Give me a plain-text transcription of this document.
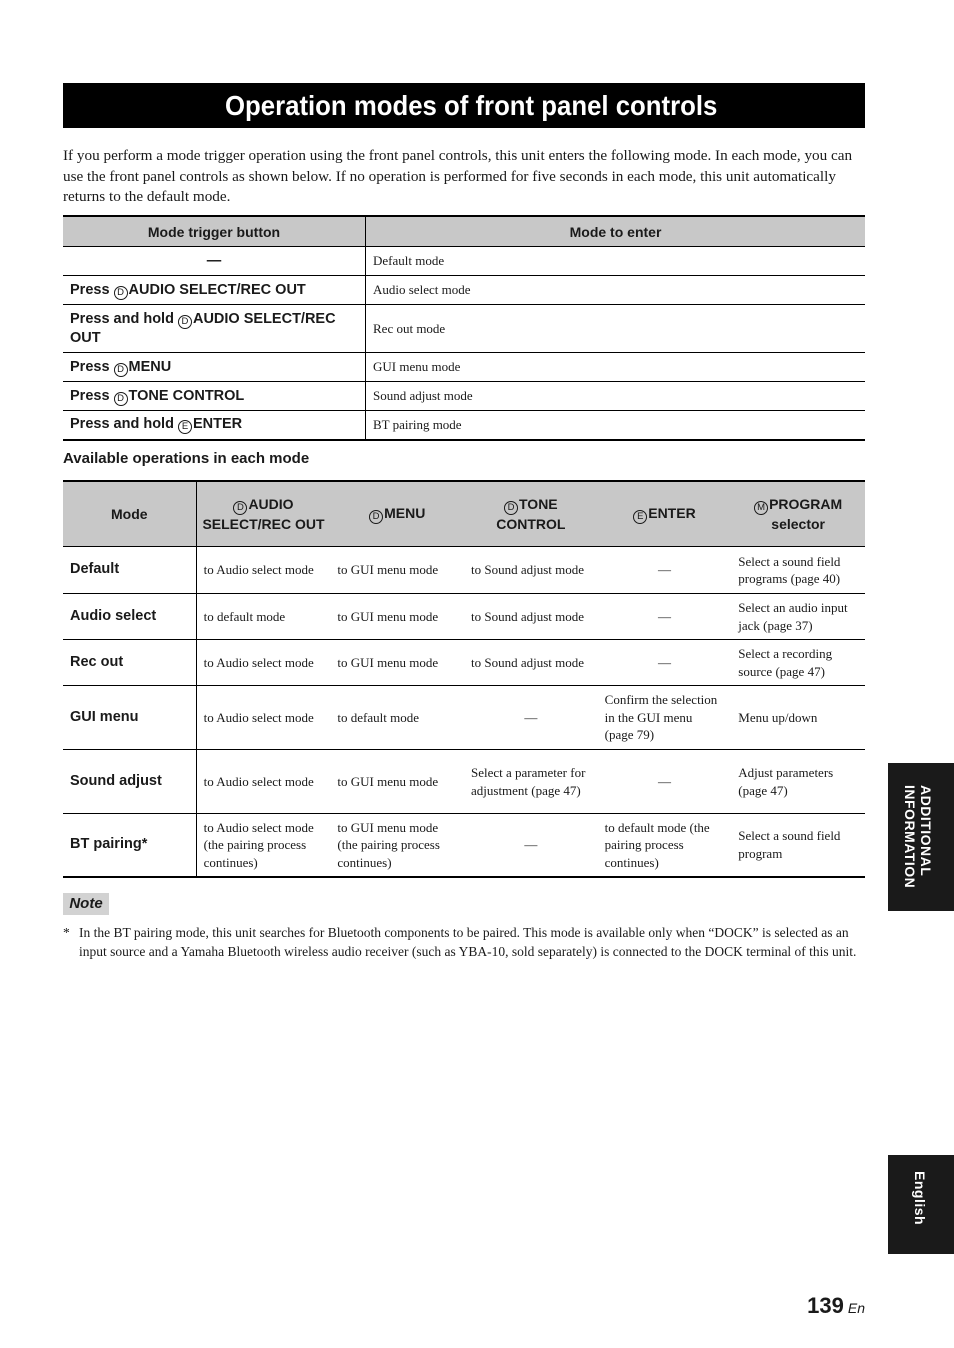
Operation modes of front panel controls

If you perform a mode trigger operation using the front panel controls, this unit enters the following mode. In each mode, you can use the front panel controls as shown below. If no operation is performed for five seconds in each mode, this unit automatically returns to the default mode.

Mode trigger button	Mode to enter
—	Default mode
Press D AUDIO SELECT/REC OUT	Audio select mode
Press and hold D AUDIO SELECT/REC OUT	Rec out mode
Press D MENU	GUI menu mode
Press D TONE CONTROL	Sound adjust mode
Press and hold E ENTER	BT pairing mode
Available operations in each mode
Mode	D AUDIO SELECT/REC OUT	D MENU	D TONE CONTROL	E ENTER	M PROGRAM selector
Default	to Audio select mode	to GUI menu mode	to Sound adjust mode	—	Select a sound field programs (page 40)
Audio select	to default mode	to GUI menu mode	to Sound adjust mode	—	Select an audio input jack (page 37)
Rec out	to Audio select mode	to GUI menu mode	to Sound adjust mode	—	Select a recording source (page 47)
GUI menu	to Audio select mode	to default mode	—	Confirm the selection in the GUI menu (page 79)	Menu up/down
Sound adjust	to Audio select mode	to GUI menu mode	Select a parameter for adjustment (page 47)	—	Adjust parameters (page 47)
BT pairing*	to Audio select mode (the pairing process continues)	to GUI menu mode (the pairing process continues)	—	to default mode (the pairing process continues)	Select a sound field program
Note

* In the BT pairing mode, this unit searches for Bluetooth components to be paired. This mode is available only when “DOCK” is selected as an input source and a Yamaha Bluetooth wireless audio receiver (such as YBA-10, sold separately) is connected to the DOCK terminal of this unit.

ADDITIONAL
INFORMATION
English
139 En
